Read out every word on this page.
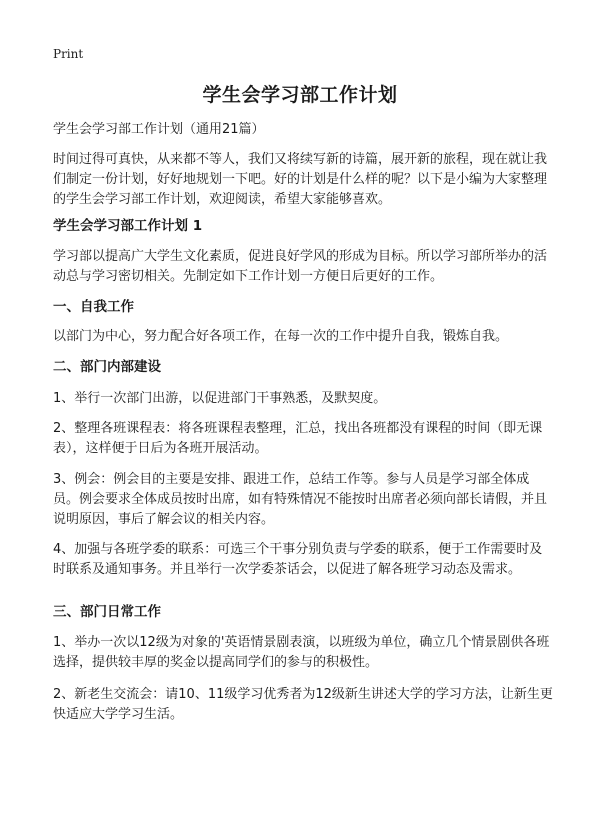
Print
学生会学习部工作计划

学生会学习部工作计划（通用21篇）

时间过得可真快，从来都不等人，我们又将续写新的诗篇，展开新的旅程，现在就让我们制定一份计划，好好地规划一下吧。好的计划是什么样的呢？以下是小编为大家整理的学生会学习部工作计划，欢迎阅读，希望大家能够喜欢。

学生会学习部工作计划 1

学习部以提高广大学生文化素质，促进良好学风的形成为目标。所以学习部所举办的活动总与学习密切相关。先制定如下工作计划一方便日后更好的工作。

一、自我工作

以部门为中心，努力配合好各项工作，在每一次的工作中提升自我，锻炼自我。

二、部门内部建设

1、举行一次部门出游，以促进部门干事熟悉，及默契度。

2、整理各班课程表：将各班课程表整理，汇总，找出各班都没有课程的时间（即无课表），这样便于日后为各班开展活动。

3、例会：例会目的主要是安排、跟进工作，总结工作等。参与人员是学习部全体成员。例会要求全体成员按时出席，如有特殊情况不能按时出席者必须向部长请假，并且说明原因，事后了解会议的相关内容。

4、加强与各班学委的联系：可选三个干事分别负责与学委的联系，便于工作需要时及时联系及通知事务。并且举行一次学委茶话会，以促进了解各班学习动态及需求。

三、部门日常工作

1、举办一次以12级为对象的'英语情景剧表演，以班级为单位，确立几个情景剧供各班选择，提供较丰厚的奖金以提高同学们的参与的积极性。

2、新老生交流会：请10、11级学习优秀者为12级新生讲述大学的学习方法，让新生更快适应大学学习生活。
